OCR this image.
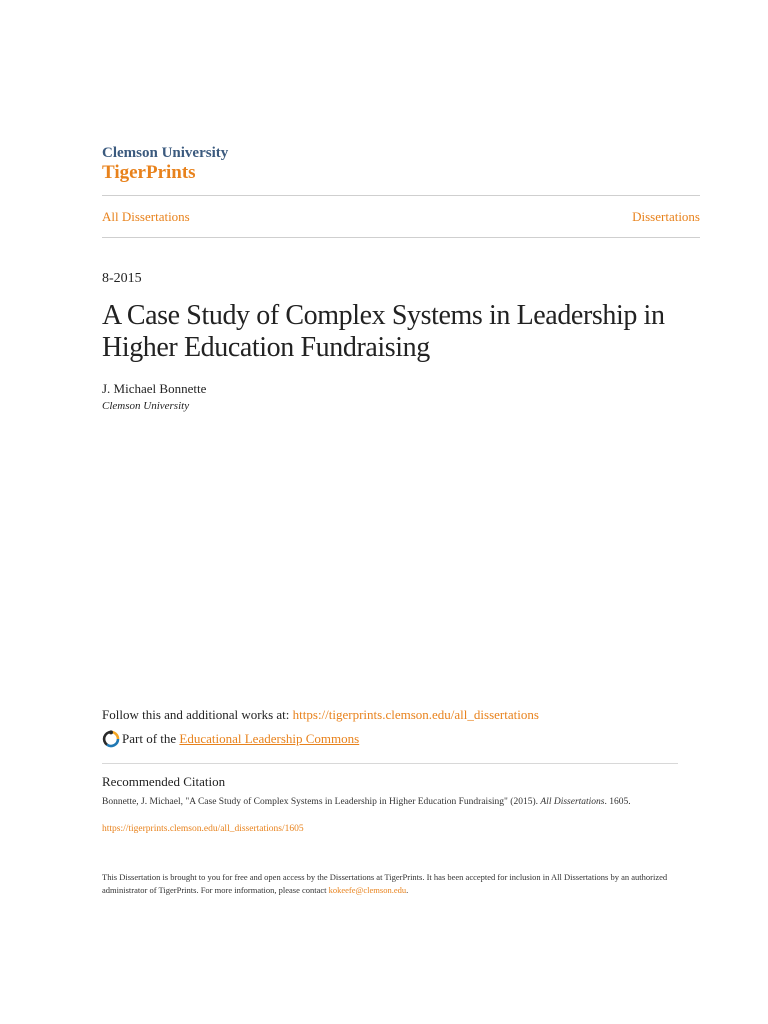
Clemson University
TigerPrints
All Dissertations	Dissertations
8-2015
A Case Study of Complex Systems in Leadership in Higher Education Fundraising
J. Michael Bonnette
Clemson University
Follow this and additional works at: https://tigerprints.clemson.edu/all_dissertations
Part of the Educational Leadership Commons
Recommended Citation
Bonnette, J. Michael, "A Case Study of Complex Systems in Leadership in Higher Education Fundraising" (2015). All Dissertations. 1605.
https://tigerprints.clemson.edu/all_dissertations/1605
This Dissertation is brought to you for free and open access by the Dissertations at TigerPrints. It has been accepted for inclusion in All Dissertations by an authorized administrator of TigerPrints. For more information, please contact kokeefe@clemson.edu.
